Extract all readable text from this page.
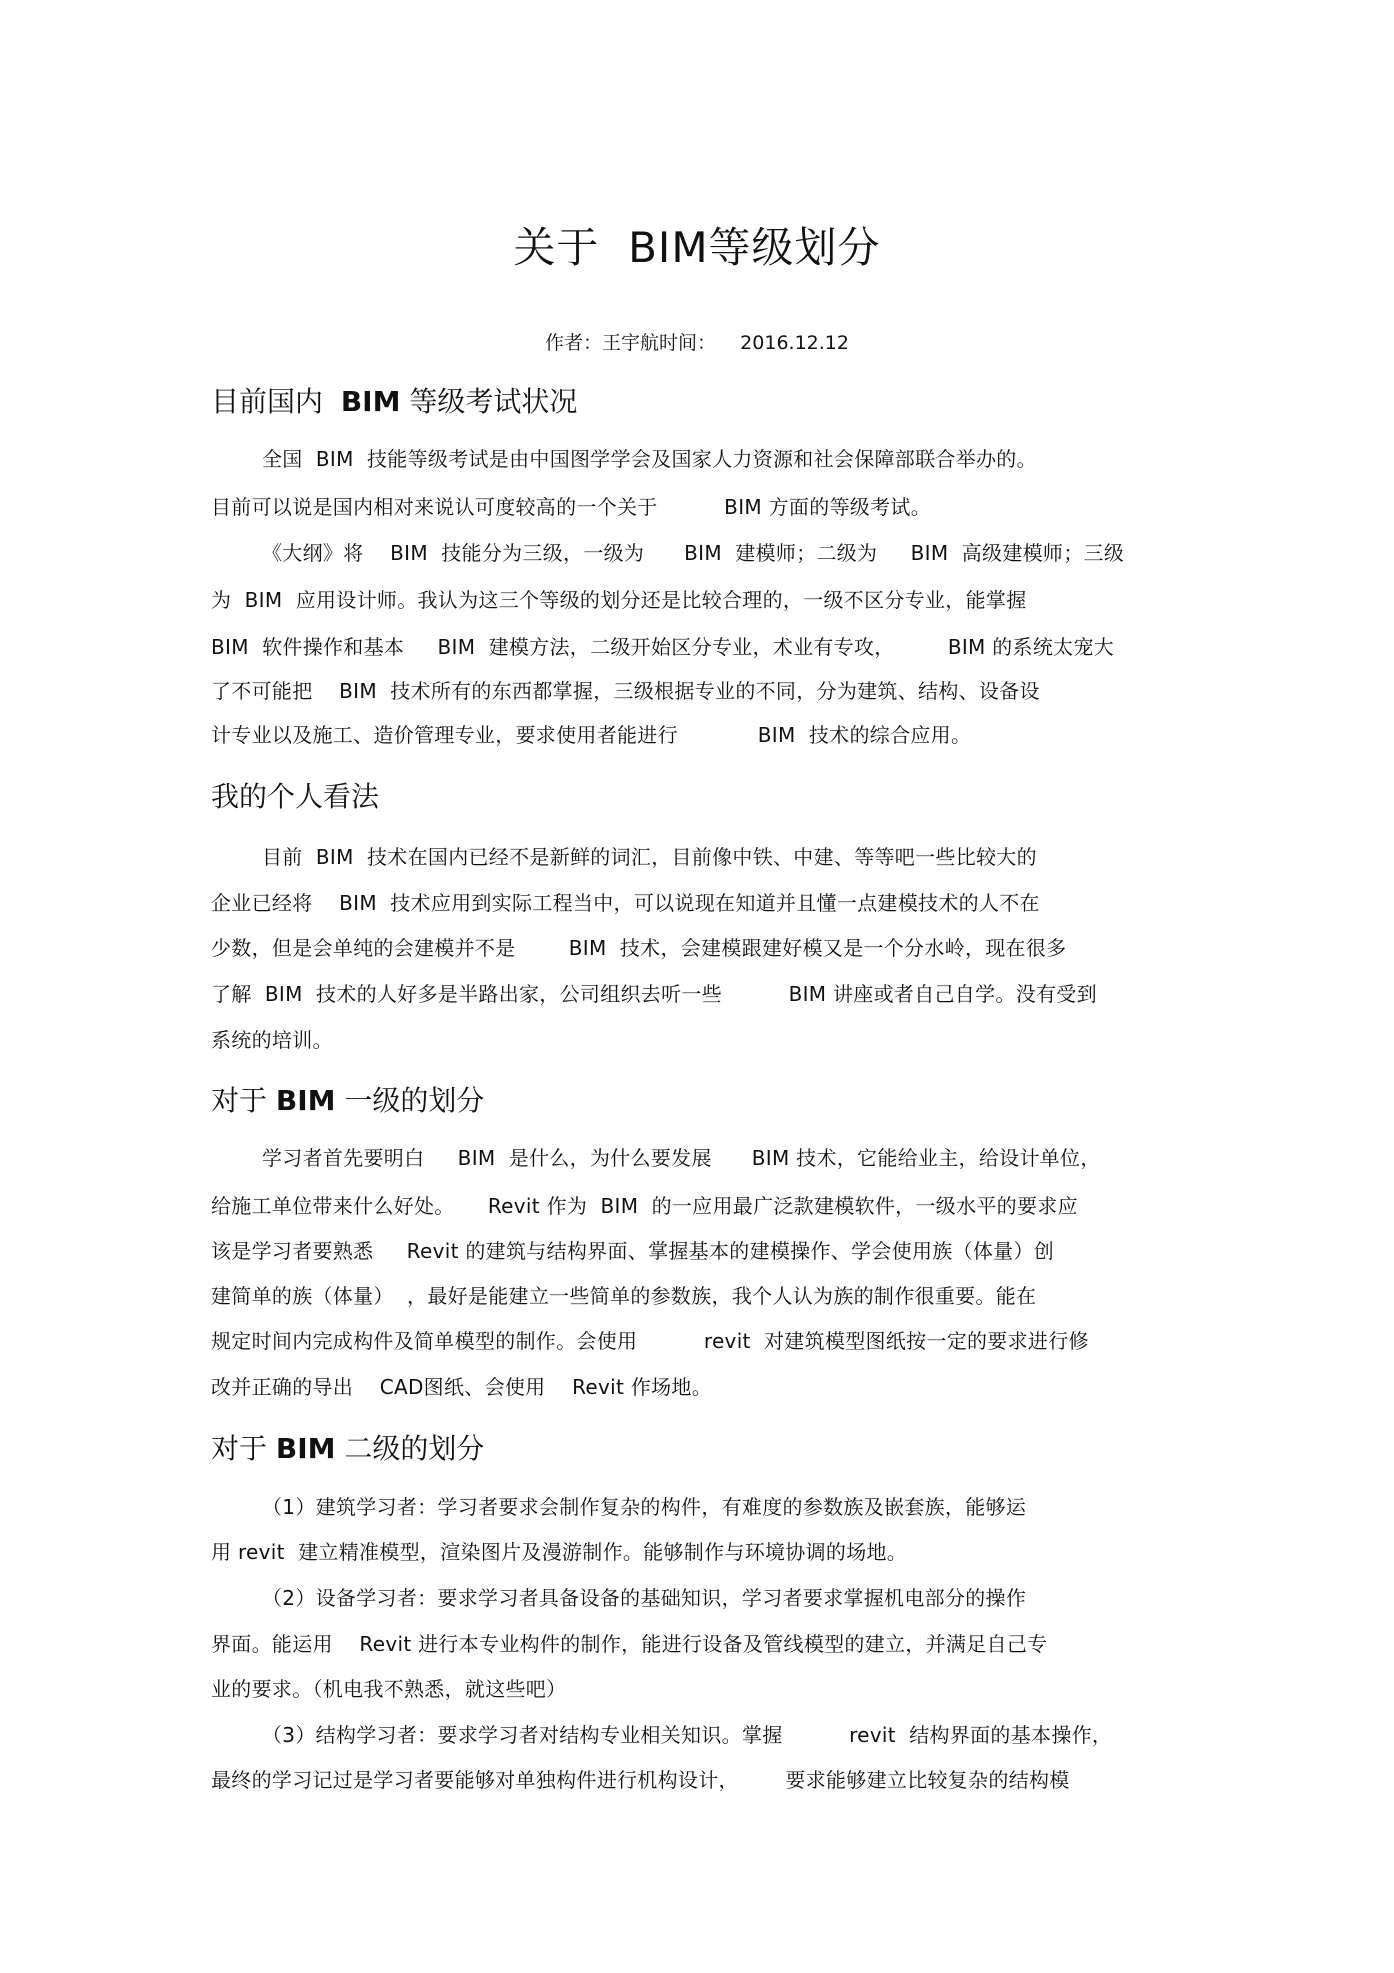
关于  BIM等级划分
作者：王宇航时间：    2016.12.12
目前国内  BIM 等级考试状况
全国  BIM  技能等级考试是由中国图学学会及国家人力资源和社会保障部联合举办的。
目前可以说是国内相对来说认可度较高的一个关于          BIM 方面的等级考试。
《大纲》将    BIM  技能分为三级，一级为      BIM  建模师；二级为     BIM  高级建模师；三级
为  BIM  应用设计师。我认为这三个等级的划分还是比较合理的，一级不区分专业，能掌握
BIM  软件操作和基本     BIM  建模方法，二级开始区分专业，术业有专攻，        BIM 的系统太宠大
了不可能把    BIM  技术所有的东西都掌握，三级根据专业的不同，分为建筑、结构、设备设
计专业以及施工、造价管理专业，要求使用者能进行            BIM  技术的综合应用。
我的个人看法
目前  BIM  技术在国内已经不是新鲜的词汇，目前像中铁、中建、等等吧一些比较大的
企业已经将    BIM  技术应用到实际工程当中，可以说现在知道并且懂一点建模技术的人不在
少数，但是会单纯的会建模并不是        BIM  技术，会建模跟建好模又是一个分水岭，现在很多
了解  BIM  技术的人好多是半路出家，公司组织去听一些          BIM 讲座或者自己自学。没有受到
系统的培训。
对于 BIM 一级的划分
学习者首先要明白     BIM  是什么，为什么要发展      BIM 技术，它能给业主，给设计单位，
给施工单位带来什么好处。     Revit 作为  BIM  的一应用最广泛款建模软件，一级水平的要求应
该是学习者要熟悉     Revit 的建筑与结构界面、掌握基本的建模操作、学会使用族（体量）创
建简单的族（体量）  ，最好是能建立一些简单的参数族，我个人认为族的制作很重要。能在
规定时间内完成构件及简单模型的制作。会使用          revit  对建筑模型图纸按一定的要求进行修
改并正确的导出    CAD图纸、会使用    Revit 作场地。
对于 BIM 二级的划分
（1）建筑学习者：学习者要求会制作复杂的构件，有难度的参数族及嵌套族，能够运
用 revit  建立精准模型，渲染图片及漫游制作。能够制作与环境协调的场地。
（2）设备学习者：要求学习者具备设备的基础知识，学习者要求掌握机电部分的操作
界面。能运用    Revit 进行本专业构件的制作，能进行设备及管线模型的建立，并满足自己专
业的要求。（机电我不熟悉，就这些吧）
（3）结构学习者：要求学习者对结构专业相关知识。掌握          revit  结构界面的基本操作，
最终的学习记过是学习者要能够对单独构件进行机构设计，       要求能够建立比较复杂的结构模
